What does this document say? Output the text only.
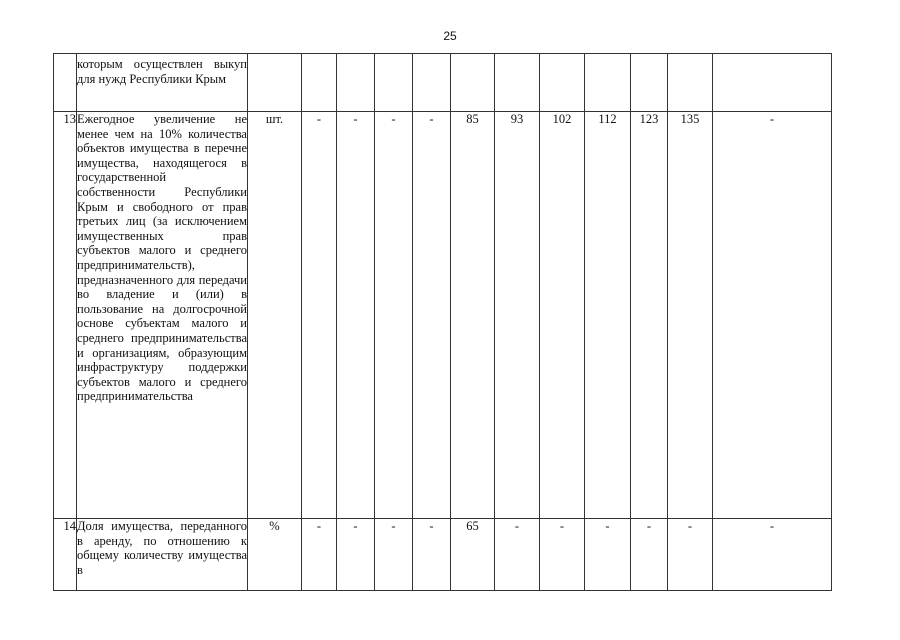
25

	которым осуществлен выкуп для нужд Республики Крым												

13	Ежегодное увеличение не менее чем на 10% количества объектов имущества в перечне имущества, находящегося в государственной собственности Республики Крым и свободного от прав третьих лиц (за исключением имущественных прав субъектов малого и среднего предпринимательств), предназначенного для передачи во владение и (или) в пользование на долгосрочной основе субъектам малого и среднего предпринимательства и организациям, образующим инфраструктуру поддержки субъектов малого и среднего предпринимательства	шт.	-	-	-	-	85	93	102	112	123	135	-
14	Доля имущества, переданного в аренду, по отношению к общему количеству имущества в	%	-	-	-	-	65	-	-	-	-	-	-
